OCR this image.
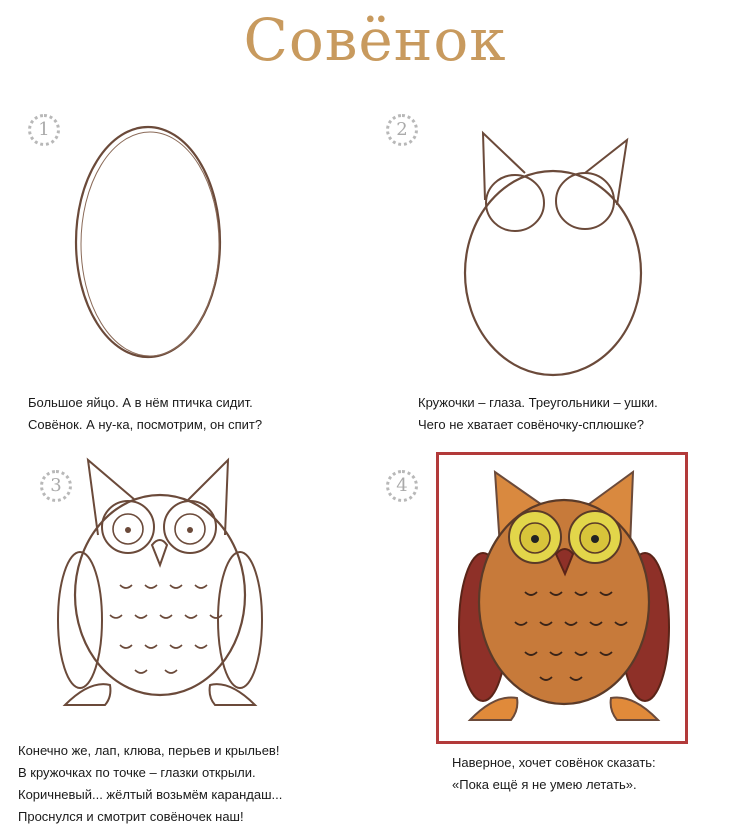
Совёнок
1
Большое яйцо. А в нём птичка сидит.
Совёнок. А ну-ка, посмотрим, он спит?
2
Кружочки – глаза. Треугольники – ушки.
Чего не хватает совёночку-сплюшке?
3
Конечно же, лап, клюва, перьев и крыльев!
В кружочках по точке – глазки открыли.
Коричневый... жёлтый возьмём карандаш...
Проснулся и смотрит совёночек наш!
4
Наверное, хочет совёнок сказать:
«Пока ещё я не умею летать».
